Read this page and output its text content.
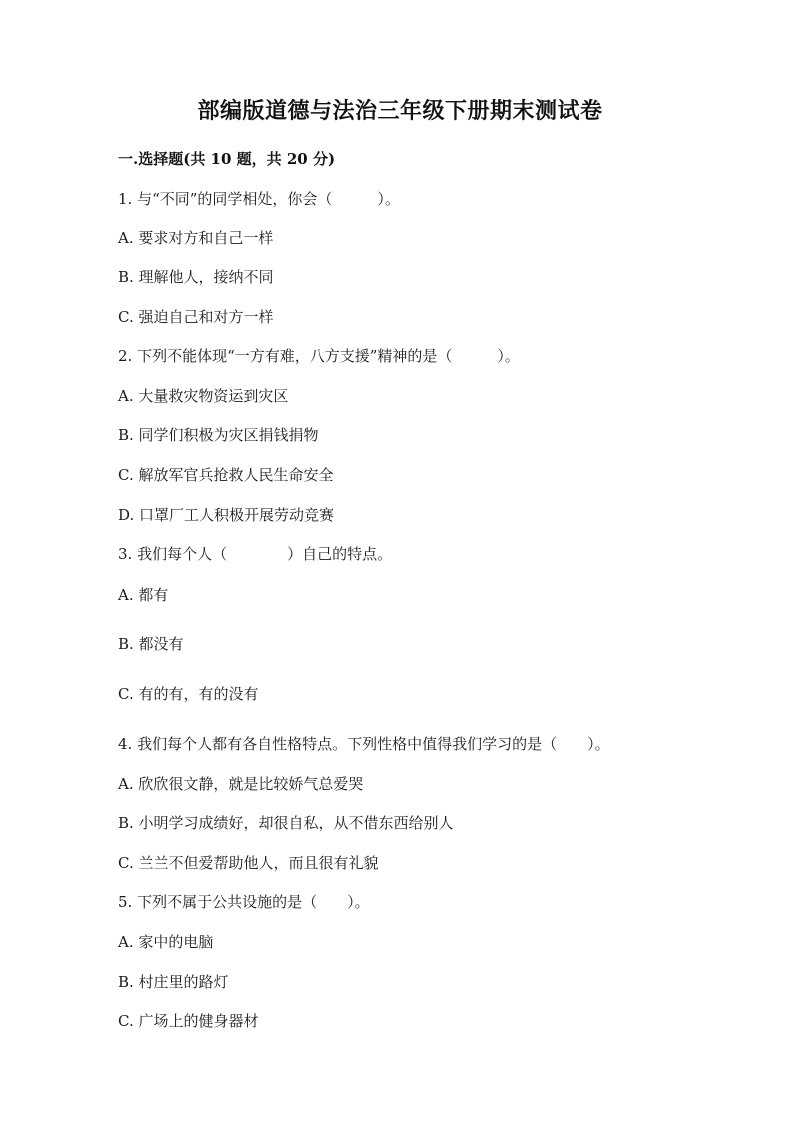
部编版道德与法治三年级下册期末测试卷
一.选择题(共 10 题，共 20 分)
1. 与“不同”的同学相处，你会（　　　）。
A. 要求对方和自己一样
B. 理解他人，接纳不同
C. 强迫自己和对方一样
2. 下列不能体现“一方有难，八方支援”精神的是（　　　）。
A. 大量救灾物资运到灾区
B. 同学们积极为灾区捐钱捐物
C. 解放军官兵抢救人民生命安全
D. 口罩厂工人积极开展劳动竞赛
3. 我们每个人（　　　　）自己的特点。
A. 都有
B. 都没有
C. 有的有，有的没有
4. 我们每个人都有各自性格特点。下列性格中值得我们学习的是（　　）。
A. 欣欣很文静，就是比较娇气总爱哭
B. 小明学习成绩好，却很自私，从不借东西给别人
C. 兰兰不但爱帮助他人，而且很有礼貌
5. 下列不属于公共设施的是（　　）。
A. 家中的电脑
B. 村庄里的路灯
C. 广场上的健身器材
